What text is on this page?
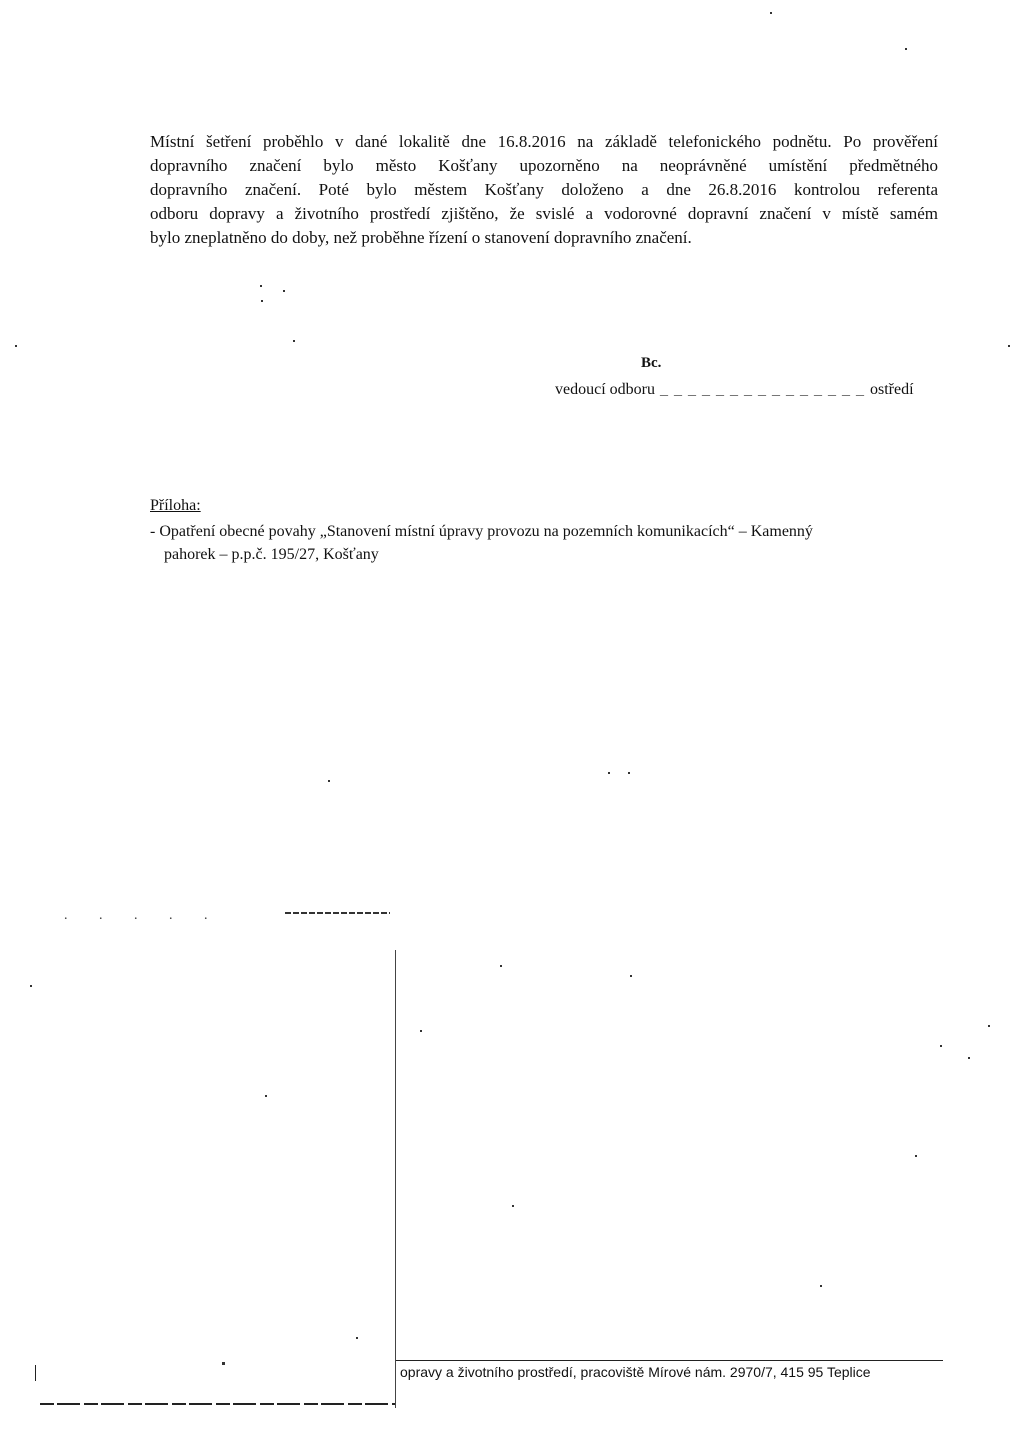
Místní šetření proběhlo v dané lokalitě dne 16.8.2016 na základě telefonického podnětu. Po prověření
dopravního značení bylo město Košťany upozorněno na neoprávněné umístění předmětného
dopravního značení. Poté bylo městem Košťany doloženo a dne 26.8.2016 kontrolou referenta
odboru dopravy a životního prostředí zjištěno, že svislé a vodorovné dopravní značení v místě samém
bylo zneplatněno do doby, než proběhne řízení o stanovení dopravního značení.
Bc.
vedoucí odboru _ _ _ _ _ _ _ _ _ _ _ _ _ _ _ ostředí
Příloha:
- Opatření obecné povahy „Stanovení místní úpravy provozu na pozemních komunikacích“ – Kamenný
pahorek – p.p.č. 195/27, Košťany
. . . . .
opravy a životního prostředí, pracoviště Mírové nám. 2970/7, 415 95 Teplice
